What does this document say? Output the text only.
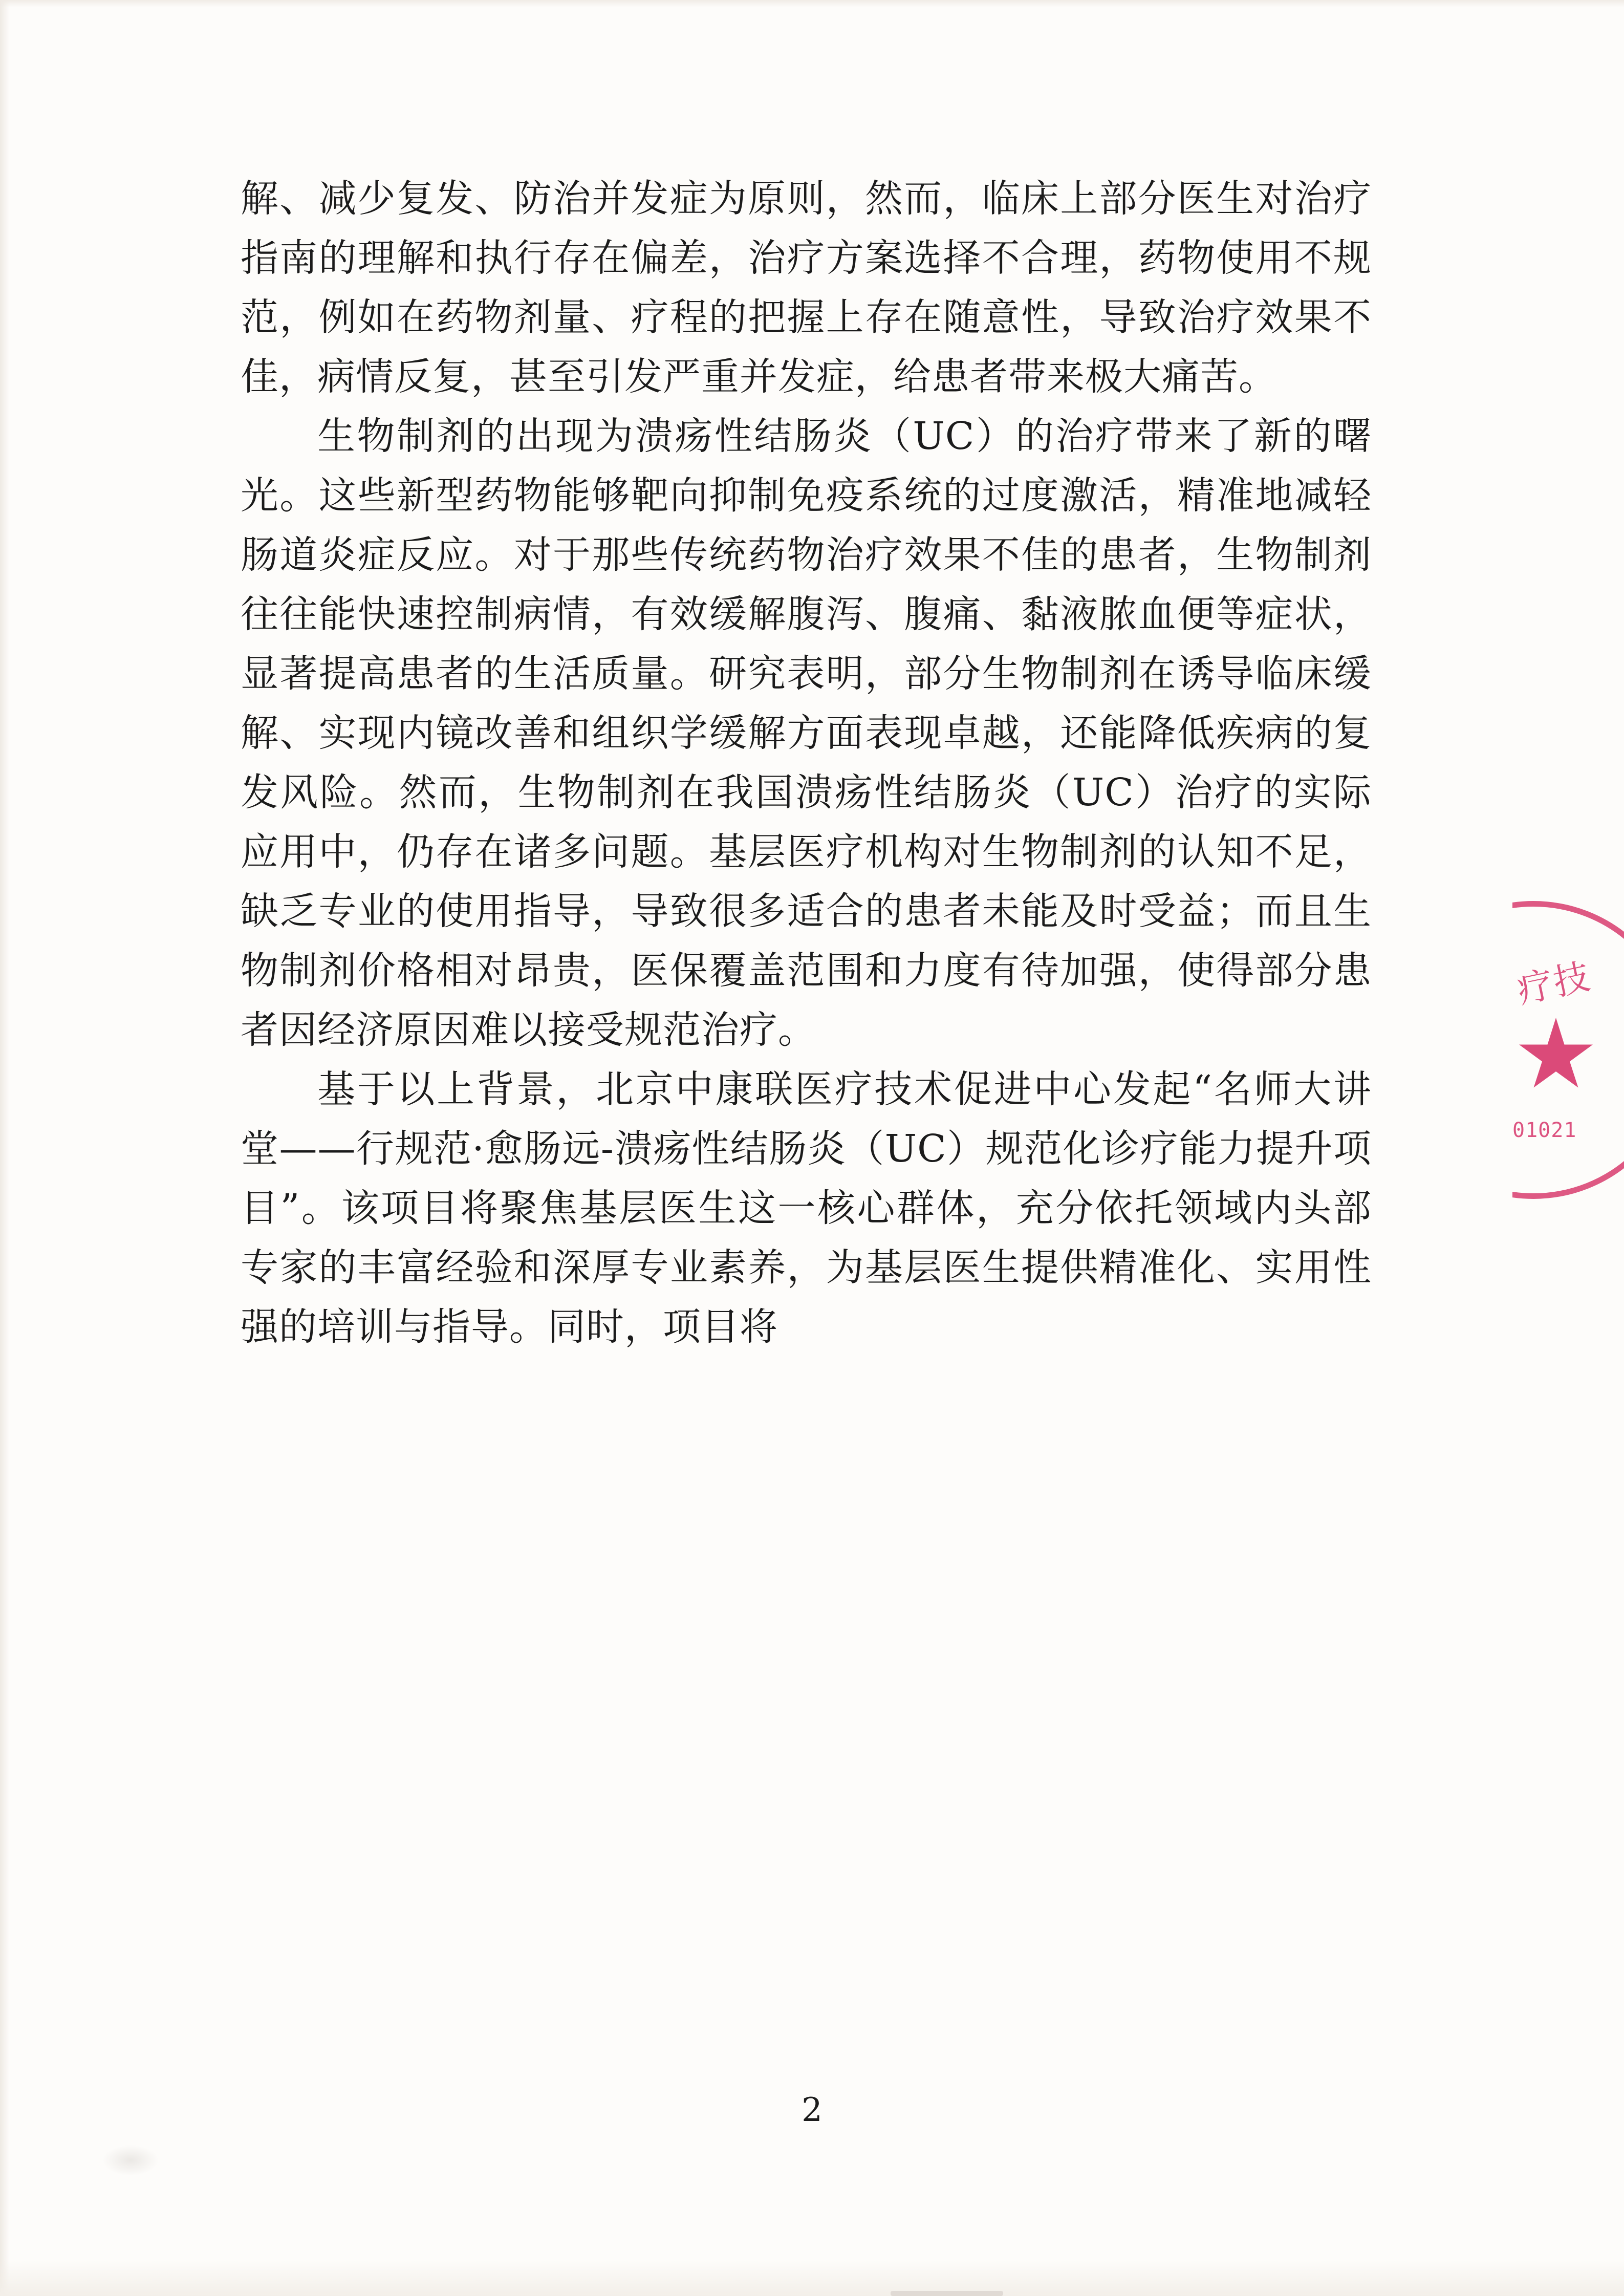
解、减少复发、防治并发症为原则，然而，临床上部分医生对治疗指南的理解和执行存在偏差，治疗方案选择不合理，药物使用不规范，例如在药物剂量、疗程的把握上存在随意性，导致治疗效果不佳，病情反复，甚至引发严重并发症，给患者带来极大痛苦。

生物制剂的出现为溃疡性结肠炎（UC）的治疗带来了新的曙光。这些新型药物能够靶向抑制免疫系统的过度激活，精准地减轻肠道炎症反应。对于那些传统药物治疗效果不佳的患者，生物制剂往往能快速控制病情，有效缓解腹泻、腹痛、黏液脓血便等症状，显著提高患者的生活质量。研究表明，部分生物制剂在诱导临床缓解、实现内镜改善和组织学缓解方面表现卓越，还能降低疾病的复发风险。然而，生物制剂在我国溃疡性结肠炎（UC）治疗的实际应用中，仍存在诸多问题。基层医疗机构对生物制剂的认知不足，缺乏专业的使用指导，导致很多适合的患者未能及时受益；而且生物制剂价格相对昂贵，医保覆盖范围和力度有待加强，使得部分患者因经济原因难以接受规范治疗。

基于以上背景，北京中康联医疗技术促进中心发起“名师大讲堂——行规范·愈肠远-溃疡性结肠炎（UC）规范化诊疗能力提升项目”。该项目将聚焦基层医生这一核心群体，充分依托领域内头部专家的丰富经验和深厚专业素养，为基层医生提供精准化、实用性强的培训与指导。同时，项目将

2
疗技
01021
